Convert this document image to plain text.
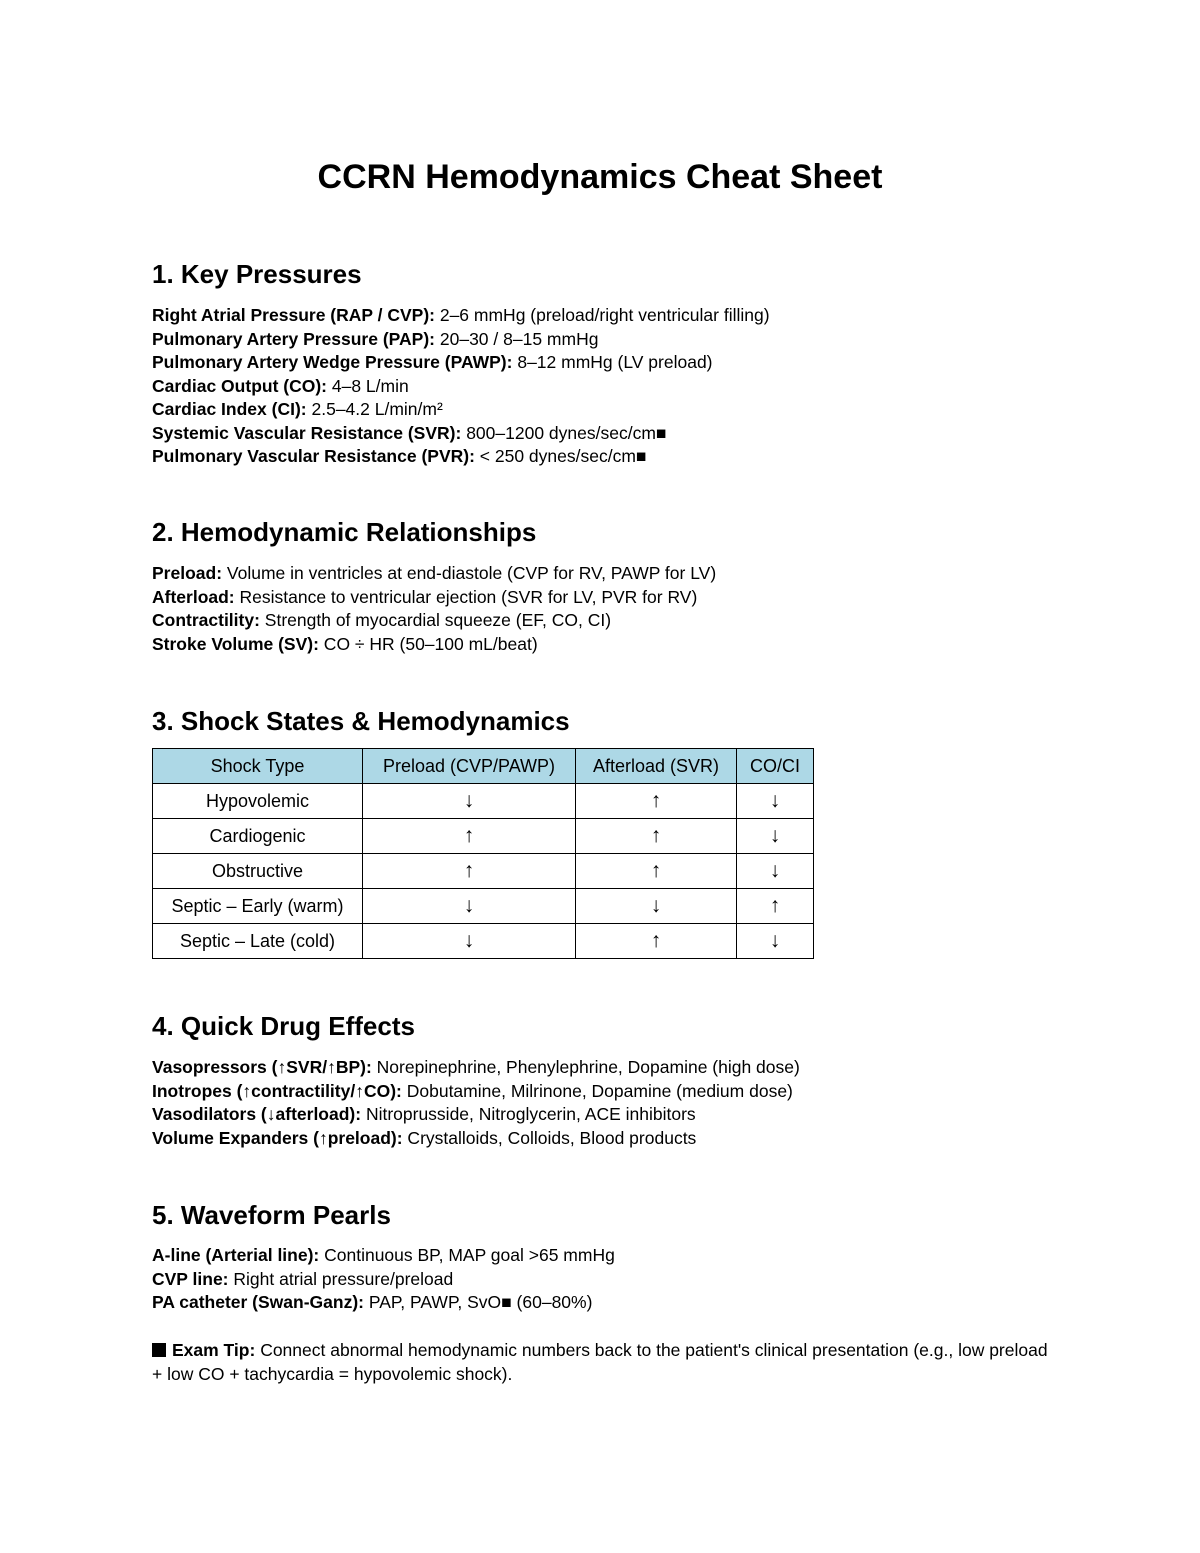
CCRN Hemodynamics Cheat Sheet
1. Key Pressures
Right Atrial Pressure (RAP / CVP): 2–6 mmHg (preload/right ventricular filling)
Pulmonary Artery Pressure (PAP): 20–30 / 8–15 mmHg
Pulmonary Artery Wedge Pressure (PAWP): 8–12 mmHg (LV preload)
Cardiac Output (CO): 4–8 L/min
Cardiac Index (CI): 2.5–4.2 L/min/m²
Systemic Vascular Resistance (SVR): 800–1200 dynes/sec/cm■
Pulmonary Vascular Resistance (PVR): < 250 dynes/sec/cm■
2. Hemodynamic Relationships
Preload: Volume in ventricles at end-diastole (CVP for RV, PAWP for LV)
Afterload: Resistance to ventricular ejection (SVR for LV, PVR for RV)
Contractility: Strength of myocardial squeeze (EF, CO, CI)
Stroke Volume (SV): CO ÷ HR (50–100 mL/beat)
3. Shock States & Hemodynamics
Shock Type	Preload (CVP/PAWP)	Afterload (SVR)	CO/CI
Hypovolemic	↓	↑	↓
Cardiogenic	↑	↑	↓
Obstructive	↑	↑	↓
Septic – Early (warm)	↓	↓	↑
Septic – Late (cold)	↓	↑	↓
4. Quick Drug Effects
Vasopressors (↑SVR/↑BP): Norepinephrine, Phenylephrine, Dopamine (high dose)
Inotropes (↑contractility/↑CO): Dobutamine, Milrinone, Dopamine (medium dose)
Vasodilators (↓afterload): Nitroprusside, Nitroglycerin, ACE inhibitors
Volume Expanders (↑preload): Crystalloids, Colloids, Blood products
5. Waveform Pearls
A-line (Arterial line): Continuous BP, MAP goal >65 mmHg
CVP line: Right atrial pressure/preload
PA catheter (Swan-Ganz): PAP, PAWP, SvO■ (60–80%)
Exam Tip: Connect abnormal hemodynamic numbers back to the patient's clinical presentation (e.g., low preload + low CO + tachycardia = hypovolemic shock).
